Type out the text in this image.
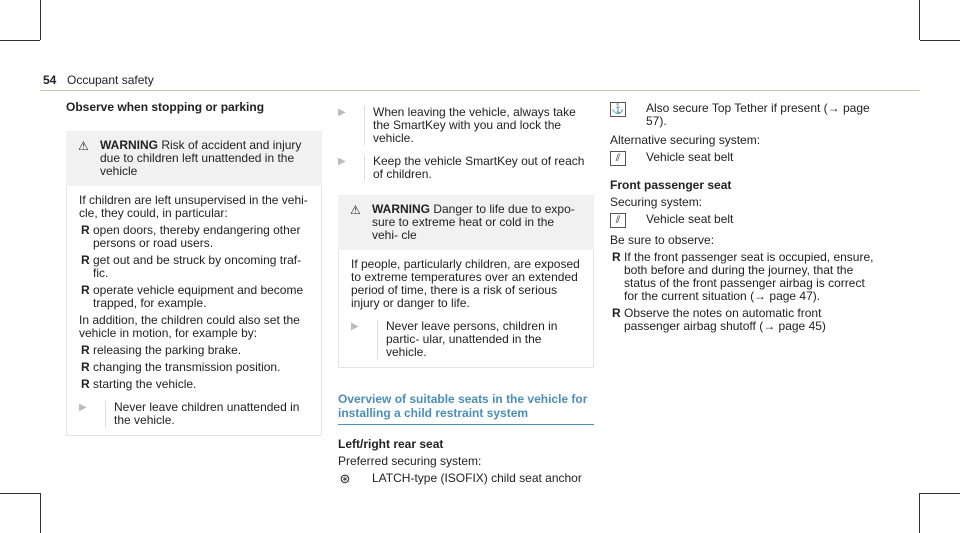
54 Occupant safety
Observe when stopping or parking
⚠ WARNING Risk of accident and injury due to children left unattended in the vehicle

If children are left unsupervised in the vehi- cle, they could, in particular:

R open doors, thereby endangering other persons or road users.
R get out and be struck by oncoming traf- fic.
R operate vehicle equipment and become trapped, for example.

In addition, the children could also set the vehicle in motion, for example by:

R releasing the parking brake.
R changing the transmission position.
R starting the vehicle.
▶	Never leave children unattended in the vehicle.
▶	When leaving the vehicle, always take the SmartKey with you and lock the vehicle.
▶	Keep the vehicle SmartKey out of reach of children.
⚠ WARNING Danger to life due to expo- sure to extreme heat or cold in the vehi- cle

If people, particularly children, are exposed to extreme temperatures over an extended period of time, there is a risk of serious injury or danger to life.

▶	Never leave persons, children in partic- ular, unattended in the vehicle.
Overview of suitable seats in the vehicle for installing a child restraint system
Left/right rear seat

Preferred securing system:

⊛ LATCH-type (ISOFIX) child seat anchor
⚓ Also secure Top Tether if present (→ page 57).

Alternative securing system:

⫽	Vehicle seat belt
Front passenger seat

Securing system:

⫽	Vehicle seat belt

Be sure to observe:

R If the front passenger seat is occupied, ensure, both before and during the journey, that the status of the front passenger airbag is correct for the current situation (→ page 47).
R Observe the notes on automatic front passenger airbag shutoff (→ page 45)
